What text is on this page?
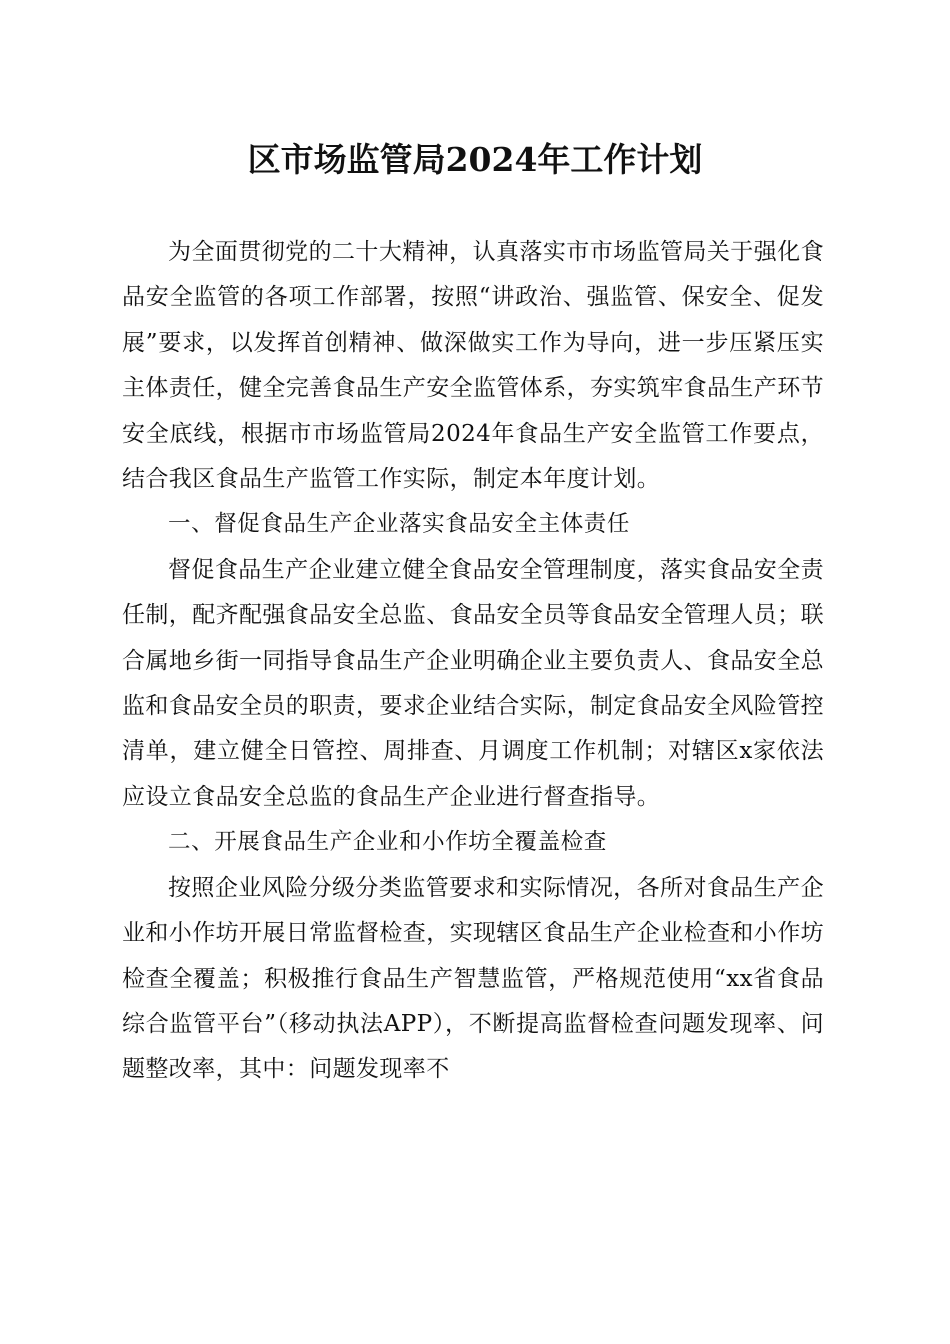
区市场监管局2024年工作计划

为全面贯彻党的二十大精神，认真落实市市场监管局关于强化食品安全监管的各项工作部署，按照“讲政治、强监管、保安全、促发展”要求，以发挥首创精神、做深做实工作为导向，进一步压紧压实主体责任，健全完善食品生产安全监管体系，夯实筑牢食品生产环节安全底线，根据市市场监管局2024年食品生产安全监管工作要点，结合我区食品生产监管工作实际，制定本年度计划。

一、督促食品生产企业落实食品安全主体责任

督促食品生产企业建立健全食品安全管理制度，落实食品安全责任制，配齐配强食品安全总监、食品安全员等食品安全管理人员；联合属地乡街一同指导食品生产企业明确企业主要负责人、食品安全总监和食品安全员的职责，要求企业结合实际，制定食品安全风险管控清单，建立健全日管控、周排查、月调度工作机制；对辖区x家依法应设立食品安全总监的食品生产企业进行督查指导。

二、开展食品生产企业和小作坊全覆盖检查

按照企业风险分级分类监管要求和实际情况，各所对食品生产企业和小作坊开展日常监督检查，实现辖区食品生产企业检查和小作坊检查全覆盖；积极推行食品生产智慧监管，严格规范使用“xx省食品综合监管平台”（移动执法APP），不断提高监督检查问题发现率、问题整改率，其中：问题发现率不
